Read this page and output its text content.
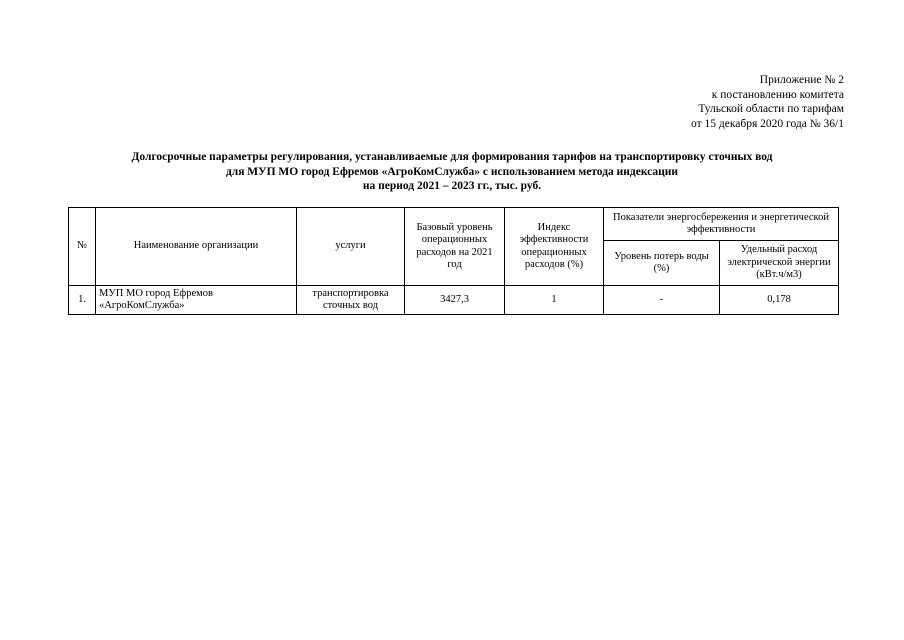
Приложение № 2
к постановлению комитета
Тульской области по тарифам
от 15 декабря 2020 года № 36/1
Долгосрочные параметры регулирования, устанавливаемые для формирования тарифов на транспортировку сточных вод
для МУП МО город Ефремов «АгроКомСлужба» с использованием метода индексации
на период 2021 – 2023 гг., тыс. руб.
№	Наименование организации	услуги	Базовый уровень операционных расходов на 2021 год	Индекс эффективности операционных расходов (%)	Показатели энергосбережения и энергетической эффективности	
					Уровень потерь воды (%)	Удельный расход электрической энергии (кВт.ч/м3)
1.	МУП МО город Ефремов «АгроКомСлужба»	транспортировка сточных вод	3427,3	1	-	0,178
